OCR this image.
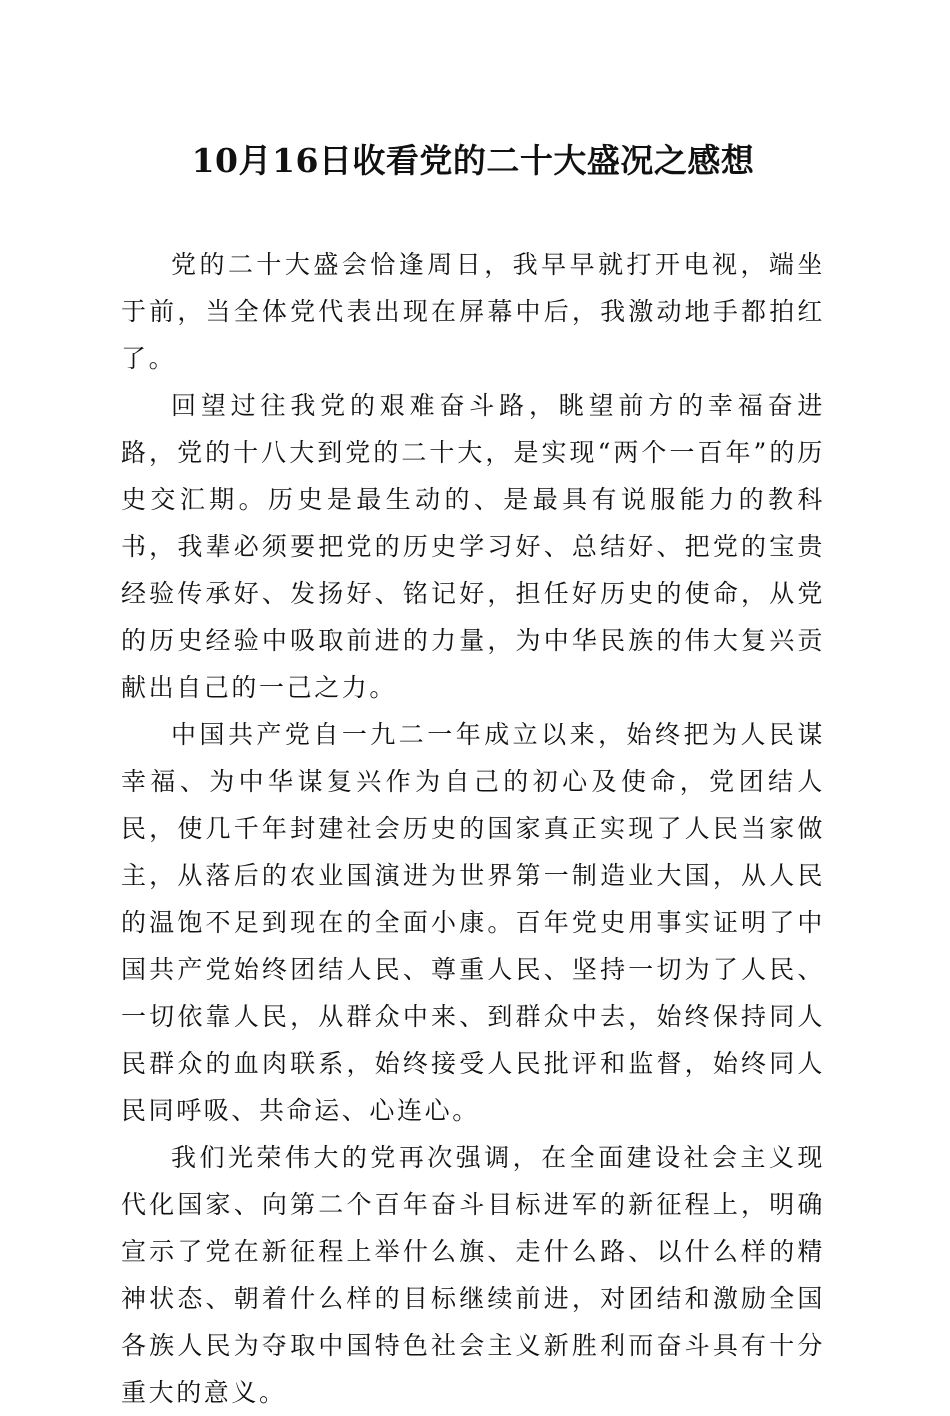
10月16日收看党的二十大盛况之感想

党的二十大盛会恰逢周日，我早早就打开电视，端坐于前，当全体党代表出现在屏幕中后，我激动地手都拍红了。

回望过往我党的艰难奋斗路，眺望前方的幸福奋进路，党的十八大到党的二十大，是实现“两个一百年”的历史交汇期。历史是最生动的、是最具有说服能力的教科书，我辈必须要把党的历史学习好、总结好、把党的宝贵经验传承好、发扬好、铭记好，担任好历史的使命，从党的历史经验中吸取前进的力量，为中华民族的伟大复兴贡献出自己的一己之力。

中国共产党自一九二一年成立以来，始终把为人民谋幸福、为中华谋复兴作为自己的初心及使命，党团结人民，使几千年封建社会历史的国家真正实现了人民当家做主，从落后的农业国演进为世界第一制造业大国，从人民的温饱不足到现在的全面小康。百年党史用事实证明了中国共产党始终团结人民、尊重人民、坚持一切为了人民、一切依靠人民，从群众中来、到群众中去，始终保持同人民群众的血肉联系，始终接受人民批评和监督，始终同人民同呼吸、共命运、心连心。

我们光荣伟大的党再次强调，在全面建设社会主义现代化国家、向第二个百年奋斗目标进军的新征程上，明确宣示了党在新征程上举什么旗、走什么路、以什么样的精神状态、朝着什么样的目标继续前进，对团结和激励全国各族人民为夺取中国特色社会主义新胜利而奋斗具有十分重大的意义。
